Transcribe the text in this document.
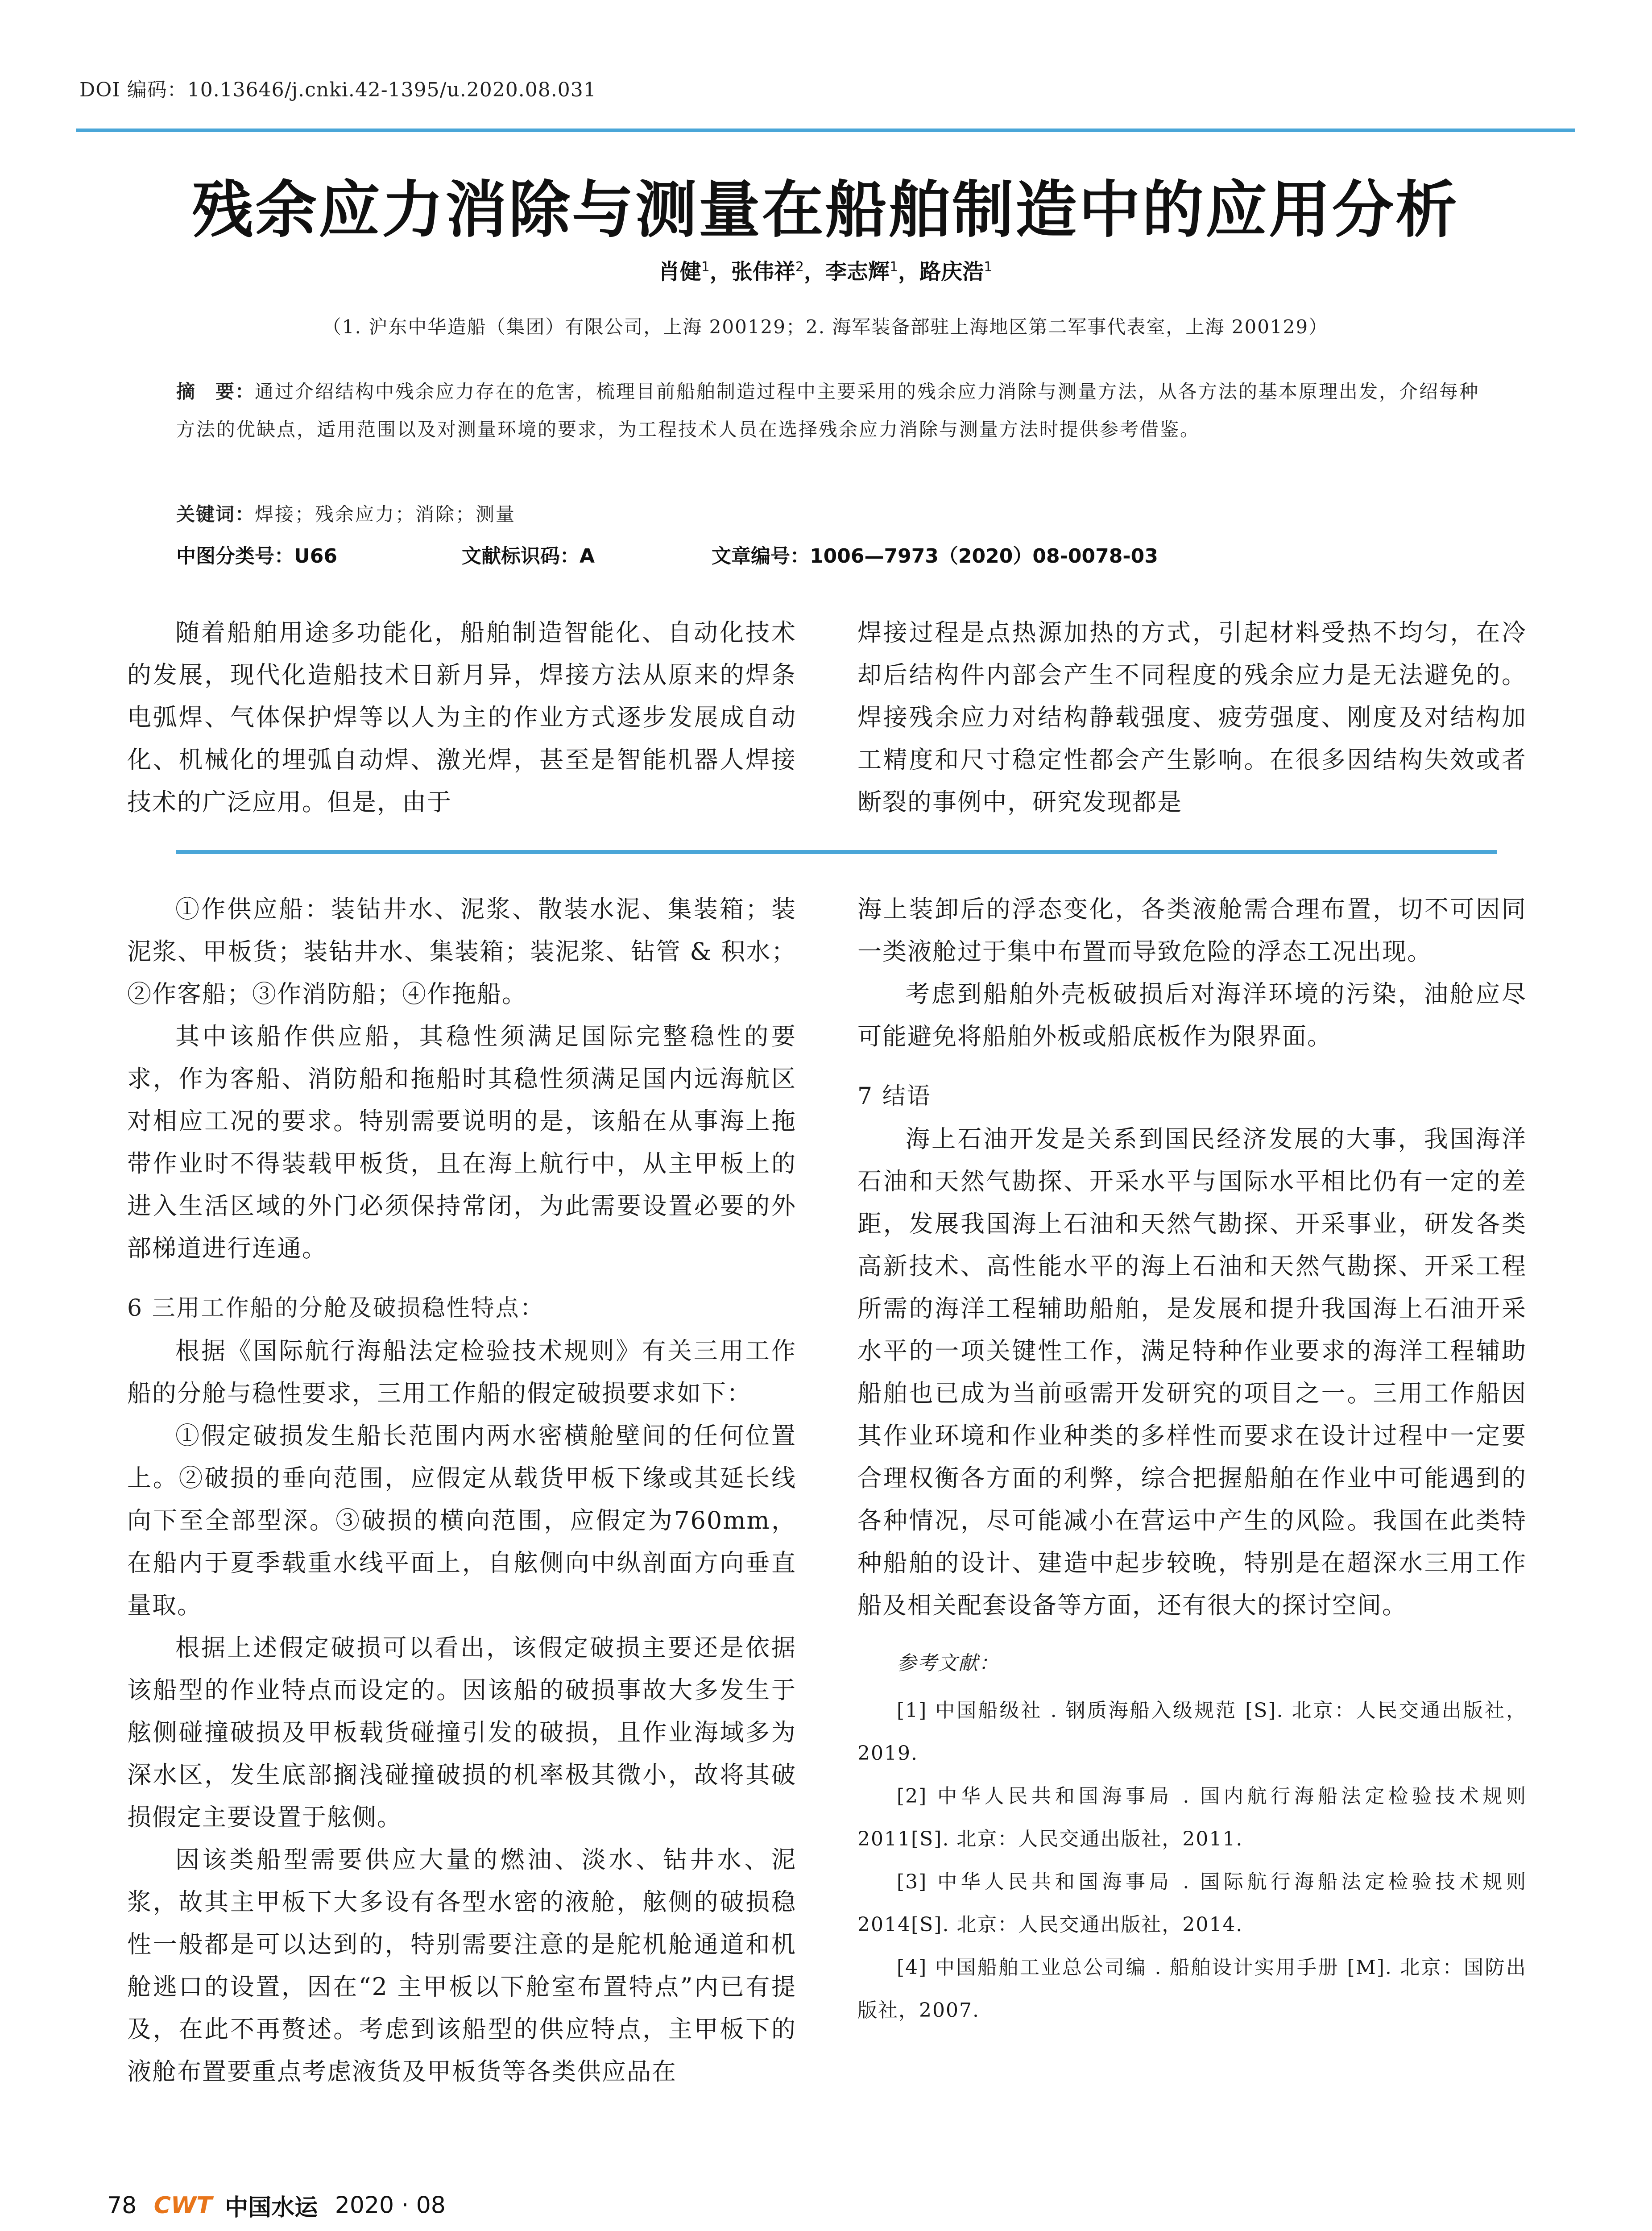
DOI 编码：10.13646/j.cnki.42-1395/u.2020.08.031
残余应力消除与测量在船舶制造中的应用分析
肖健$^1$，张伟祥$^2$，李志辉$^1$，路庆浩$^1$
（1. 沪东中华造船（集团）有限公司，上海 200129；2. 海军装备部驻上海地区第二军事代表室，上海 200129）
摘　要：通过介绍结构中残余应力存在的危害，梳理目前船舶制造过程中主要采用的残余应力消除与测量方法，从各方法的基本原理出发，介绍每种方法的优缺点，适用范围以及对测量环境的要求，为工程技术人员在选择残余应力消除与测量方法时提供参考借鉴。
关键词：焊接；残余应力；消除；测量
中图分类号：U66	文献标识码：A	文章编号：1006—7973（2020）08-0078-03

随着船舶用途多功能化，船舶制造智能化、自动化技术的发展，现代化造船技术日新月异，焊接方法从原来的焊条电弧焊、气体保护焊等以人为主的作业方式逐步发展成自动化、机械化的埋弧自动焊、激光焊，甚至是智能机器人焊接技术的广泛应用。但是，由于

焊接过程是点热源加热的方式，引起材料受热不均匀，在冷却后结构件内部会产生不同程度的残余应力是无法避免的。焊接残余应力对结构静载强度、疲劳强度、刚度及对结构加工精度和尺寸稳定性都会产生影响。在很多因结构失效或者断裂的事例中，研究发现都是

①作供应船：装钻井水、泥浆、散装水泥、集装箱；装泥浆、甲板货；装钻井水、集装箱；装泥浆、钻管 & 积水；②作客船；③作消防船；④作拖船。

其中该船作供应船，其稳性须满足国际完整稳性的要求，作为客船、消防船和拖船时其稳性须满足国内远海航区对相应工况的要求。特别需要说明的是，该船在从事海上拖带作业时不得装载甲板货，且在海上航行中，从主甲板上的进入生活区域的外门必须保持常闭，为此需要设置必要的外部梯道进行连通。

6 三用工作船的分舱及破损稳性特点：

根据《国际航行海船法定检验技术规则》有关三用工作船的分舱与稳性要求，三用工作船的假定破损要求如下：

①假定破损发生船长范围内两水密横舱壁间的任何位置上。②破损的垂向范围，应假定从载货甲板下缘或其延长线向下至全部型深。③破损的横向范围，应假定为760mm，在船内于夏季载重水线平面上，自舷侧向中纵剖面方向垂直量取。

根据上述假定破损可以看出，该假定破损主要还是依据该船型的作业特点而设定的。因该船的破损事故大多发生于舷侧碰撞破损及甲板载货碰撞引发的破损，且作业海域多为深水区，发生底部搁浅碰撞破损的机率极其微小，故将其破损假定主要设置于舷侧。

因该类船型需要供应大量的燃油、淡水、钻井水、泥浆，故其主甲板下大多设有各型水密的液舱，舷侧的破损稳性一般都是可以达到的，特别需要注意的是舵机舱通道和机舱逃口的设置，因在“2 主甲板以下舱室布置特点”内已有提及，在此不再赘述。考虑到该船型的供应特点，主甲板下的液舱布置要重点考虑液货及甲板货等各类供应品在

海上装卸后的浮态变化，各类液舱需合理布置，切不可因同一类液舱过于集中布置而导致危险的浮态工况出现。

考虑到船舶外壳板破损后对海洋环境的污染，油舱应尽可能避免将船舶外板或船底板作为限界面。

7 结语

海上石油开发是关系到国民经济发展的大事，我国海洋石油和天然气勘探、开采水平与国际水平相比仍有一定的差距，发展我国海上石油和天然气勘探、开采事业，研发各类高新技术、高性能水平的海上石油和天然气勘探、开采工程所需的海洋工程辅助船舶，是发展和提升我国海上石油开采水平的一项关键性工作，满足特种作业要求的海洋工程辅助船舶也已成为当前亟需开发研究的项目之一。三用工作船因其作业环境和作业种类的多样性而要求在设计过程中一定要合理权衡各方面的利弊，综合把握船舶在作业中可能遇到的各种情况，尽可能减小在营运中产生的风险。我国在此类特种船舶的设计、建造中起步较晚，特别是在超深水三用工作船及相关配套设备等方面，还有很大的探讨空间。

参考文献：

[1] 中国船级社 . 钢质海船入级规范 [S]. 北京：人民交通出版社，2019.

[2] 中华人民共和国海事局 . 国内航行海船法定检验技术规则 2011[S]. 北京：人民交通出版社，2011.

[3] 中华人民共和国海事局 . 国际航行海船法定检验技术规则 2014[S]. 北京：人民交通出版社，2014.

[4] 中国船舶工业总公司编 . 船舶设计实用手册 [M]. 北京：国防出版社，2007.

78 CWT 中国水运 2020 · 08
